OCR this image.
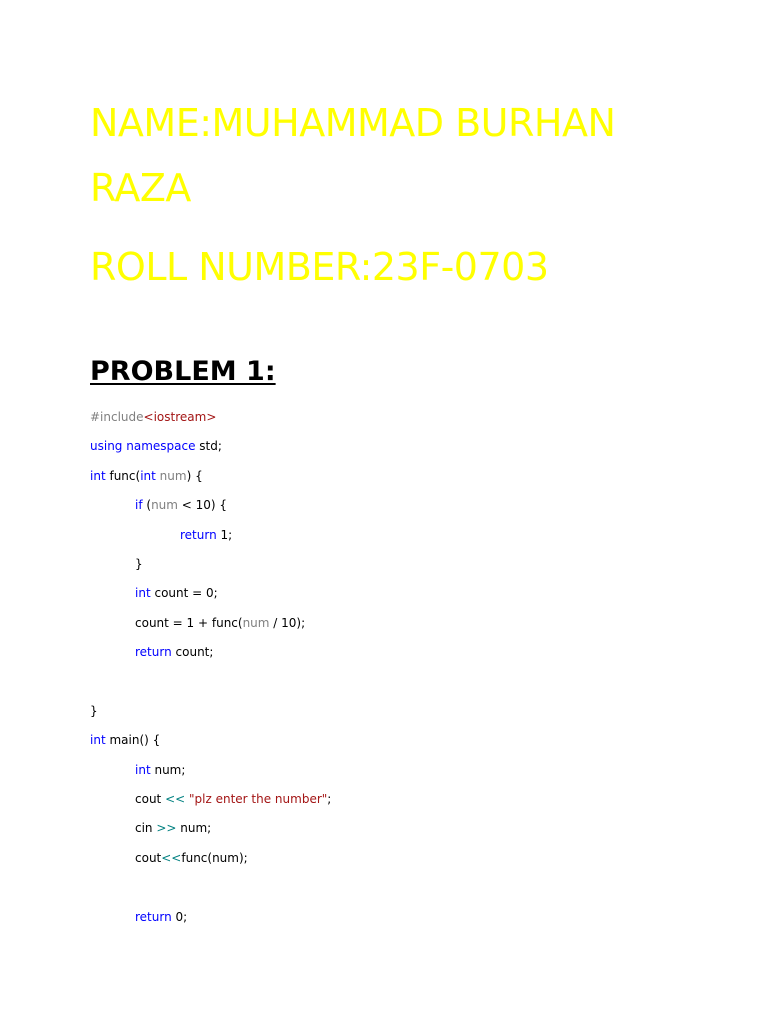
NAME:MUHAMMAD BURHAN
RAZA
ROLL NUMBER:23F-0703
PROBLEM 1:
#include<iostream>
using namespace std;
int func(int num) {
if (num < 10) {
return 1;
}
int count = 0;
count = 1 + func(num / 10);
return count;
}
int main() {
int num;
cout << "plz enter the number";
cin >> num;
cout<<func(num);
return 0;
